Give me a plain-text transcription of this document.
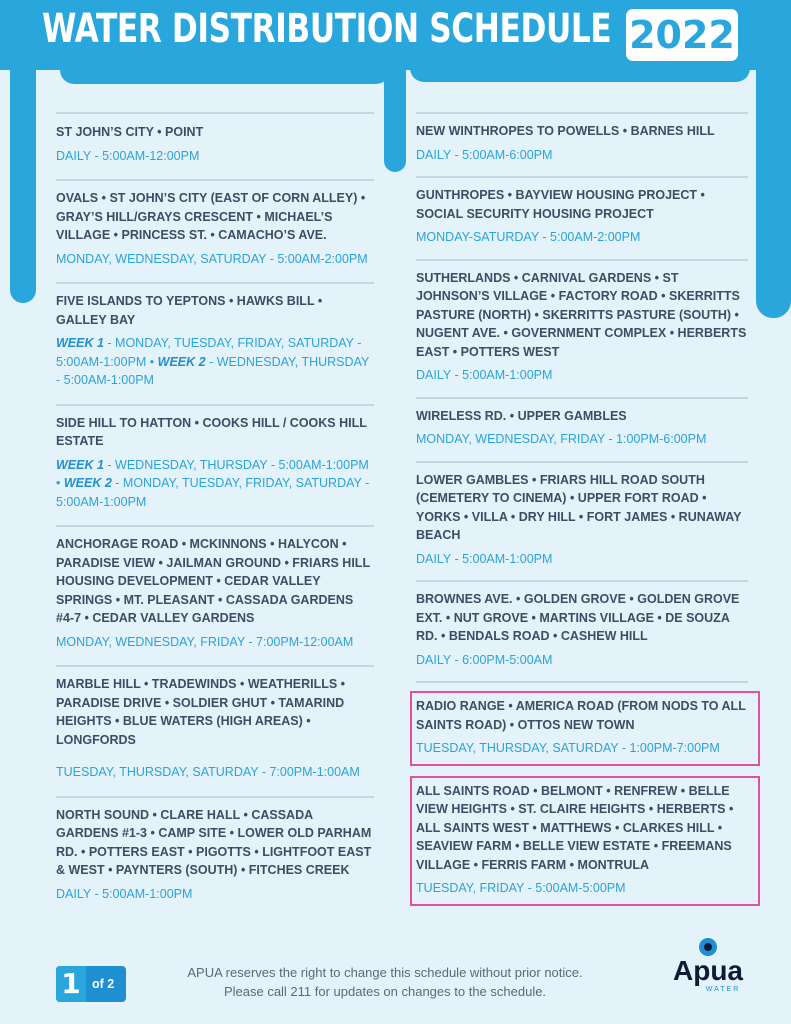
WATER DISTRIBUTION SCHEDULE 2022
ST JOHN’S CITY • POINT
DAILY - 5:00AM-12:00PM
OVALS • ST JOHN’S CITY (EAST OF CORN ALLEY) • GRAY’S HILL/GRAYS CRESCENT • MICHAEL’S VILLAGE • PRINCESS ST. • CAMACHO’S AVE.
MONDAY, WEDNESDAY, SATURDAY - 5:00AM-2:00PM
FIVE ISLANDS TO YEPTONS • HAWKS BILL • GALLEY BAY
WEEK 1 - MONDAY, TUESDAY, FRIDAY, SATURDAY - 5:00AM-1:00PM • WEEK 2 - WEDNESDAY, THURSDAY - 5:00AM-1:00PM
SIDE HILL TO HATTON • COOKS HILL / COOKS HILL ESTATE
WEEK 1 - WEDNESDAY, THURSDAY - 5:00AM-1:00PM • WEEK 2 - MONDAY, TUESDAY, FRIDAY, SATURDAY - 5:00AM-1:00PM
ANCHORAGE ROAD • MCKINNONS • HALYCON • PARADISE VIEW • JAILMAN GROUND • FRIARS HILL HOUSING DEVELOPMENT • CEDAR VALLEY SPRINGS • MT. PLEASANT • CASSADA GARDENS #4-7 • CEDAR VALLEY GARDENS
MONDAY, WEDNESDAY, FRIDAY - 7:00PM-12:00AM
MARBLE HILL • TRADEWINDS • WEATHERILLS • PARADISE DRIVE • SOLDIER GHUT • TAMARIND HEIGHTS • BLUE WATERS (HIGH AREAS) • LONGFORDS
TUESDAY, THURSDAY, SATURDAY - 7:00PM-1:00AM
NORTH SOUND • CLARE HALL • CASSADA GARDENS #1-3 • CAMP SITE • LOWER OLD PARHAM RD. • POTTERS EAST • PIGOTTS • LIGHTFOOT EAST & WEST • PAYNTERS (SOUTH) • FITCHES CREEK
DAILY - 5:00AM-1:00PM
NEW WINTHROPES TO POWELLS • BARNES HILL
DAILY - 5:00AM-6:00PM
GUNTHROPES • BAYVIEW HOUSING PROJECT • SOCIAL SECURITY HOUSING PROJECT
MONDAY-SATURDAY - 5:00AM-2:00PM
SUTHERLANDS • CARNIVAL GARDENS • ST JOHNSON’S VILLAGE • FACTORY ROAD • SKERRITTS PASTURE (NORTH) • SKERRITTS PASTURE (SOUTH) • NUGENT AVE. • GOVERNMENT COMPLEX • HERBERTS EAST • POTTERS WEST
DAILY - 5:00AM-1:00PM
WIRELESS RD. • UPPER GAMBLES
MONDAY, WEDNESDAY, FRIDAY - 1:00PM-6:00PM
LOWER GAMBLES • FRIARS HILL ROAD SOUTH (CEMETERY TO CINEMA) • UPPER FORT ROAD • YORKS • VILLA • DRY HILL • FORT JAMES • RUNAWAY BEACH
DAILY - 5:00AM-1:00PM
BROWNES AVE. • GOLDEN GROVE • GOLDEN GROVE EXT. • NUT GROVE • MARTINS VILLAGE • DE SOUZA RD. • BENDALS ROAD • CASHEW HILL
DAILY - 6:00PM-5:00AM
RADIO RANGE • AMERICA ROAD (FROM NODS TO ALL SAINTS ROAD) • OTTOS NEW TOWN
TUESDAY, THURSDAY, SATURDAY - 1:00PM-7:00PM
ALL SAINTS ROAD • BELMONT • RENFREW • BELLE VIEW HEIGHTS • ST. CLAIRE HEIGHTS • HERBERTS • ALL SAINTS WEST • MATTHEWS • CLARKES HILL • SEAVIEW FARM • BELLE VIEW ESTATE • FREEMANS VILLAGE • FERRIS FARM • MONTRULA
TUESDAY, FRIDAY - 5:00AM-5:00PM
1 of 2
APUA reserves the right to change this schedule without prior notice.
Please call 211 for updates on changes to the schedule.
Apua
WATER
